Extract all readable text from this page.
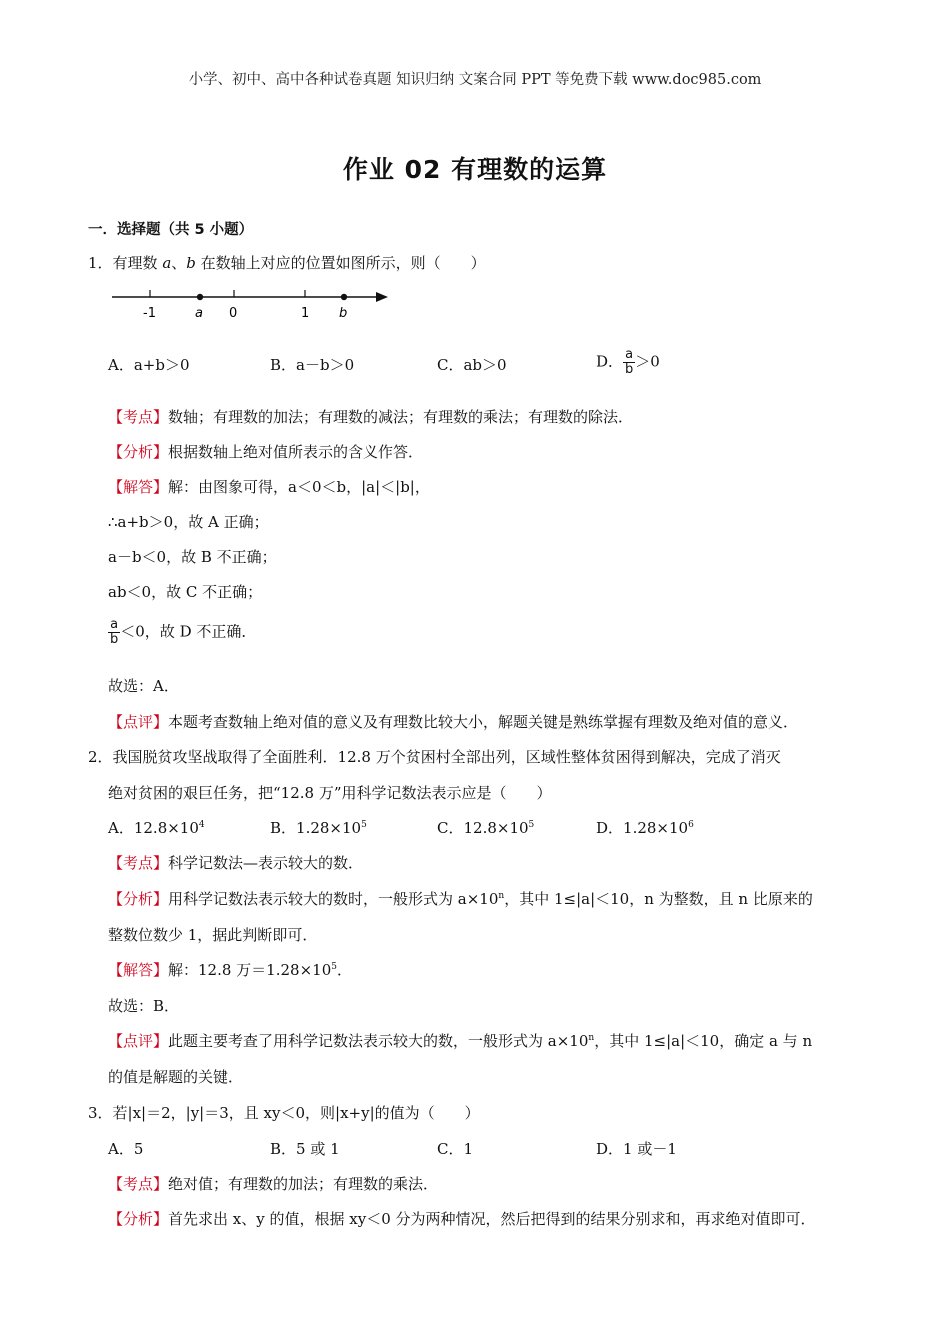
小学、初中、高中各种试卷真题 知识归纳 文案合同 PPT 等免费下载 www.doc985.com
作业 02 有理数的运算
一．选择题（共 5 小题）
1．有理数 a、b 在数轴上对应的位置如图所示，则（　　）
-1	0	1
a	b
A．a+b＞0	B．a－b＞0	C．ab＞0	D． $\frac{a}{b} >0$
【考点】数轴；有理数的加法；有理数的减法；有理数的乘法；有理数的除法．
【分析】根据数轴上绝对值所表示的含义作答．
【解答】解：由图象可得，a＜0＜b，|a|＜|b|，
∴a+b＞0，故 A 正确；
a－b＜0，故 B 不正确；
ab＜0，故 C 不正确；
$\frac{a}{b} <0$，故 D 不正确．
故选：A．
【点评】本题考查数轴上绝对值的意义及有理数比较大小，解题关键是熟练掌握有理数及绝对值的意义．
2．我国脱贫攻坚战取得了全面胜利．12.8 万个贫困村全部出列，区域性整体贫困得到解决，完成了消灭
绝对贫困的艰巨任务，把“12.8 万”用科学记数法表示应是（　　）
A．$12.8\times 10^4$	B．$1.28\times 10^5$	C．$12.8\times 10^5$	D．$1.28\times 10^6$
【考点】科学记数法—表示较大的数．
【分析】用科学记数法表示较大的数时，一般形式为 $a\times 10^n$，其中 1≤|a|＜10，n 为整数，且 n 比原来的
整数位数少 1，据此判断即可．
【解答】解：12.8 万$=1.28\times 10^5$．
故选：B．
【点评】此题主要考查了用科学记数法表示较大的数，一般形式为 $a\times 10^n$，其中 1≤|a|＜10，确定 a 与 n
的值是解题的关键．
3．若|x|＝2，|y|＝3，且 xy＜0，则|x+y|的值为（　　）
A．5	B．5 或 1	C．1	D．1 或－1
【考点】绝对值；有理数的加法；有理数的乘法．
【分析】首先求出 x、y 的值，根据 xy＜0 分为两种情况，然后把得到的结果分别求和，再求绝对值即可．
